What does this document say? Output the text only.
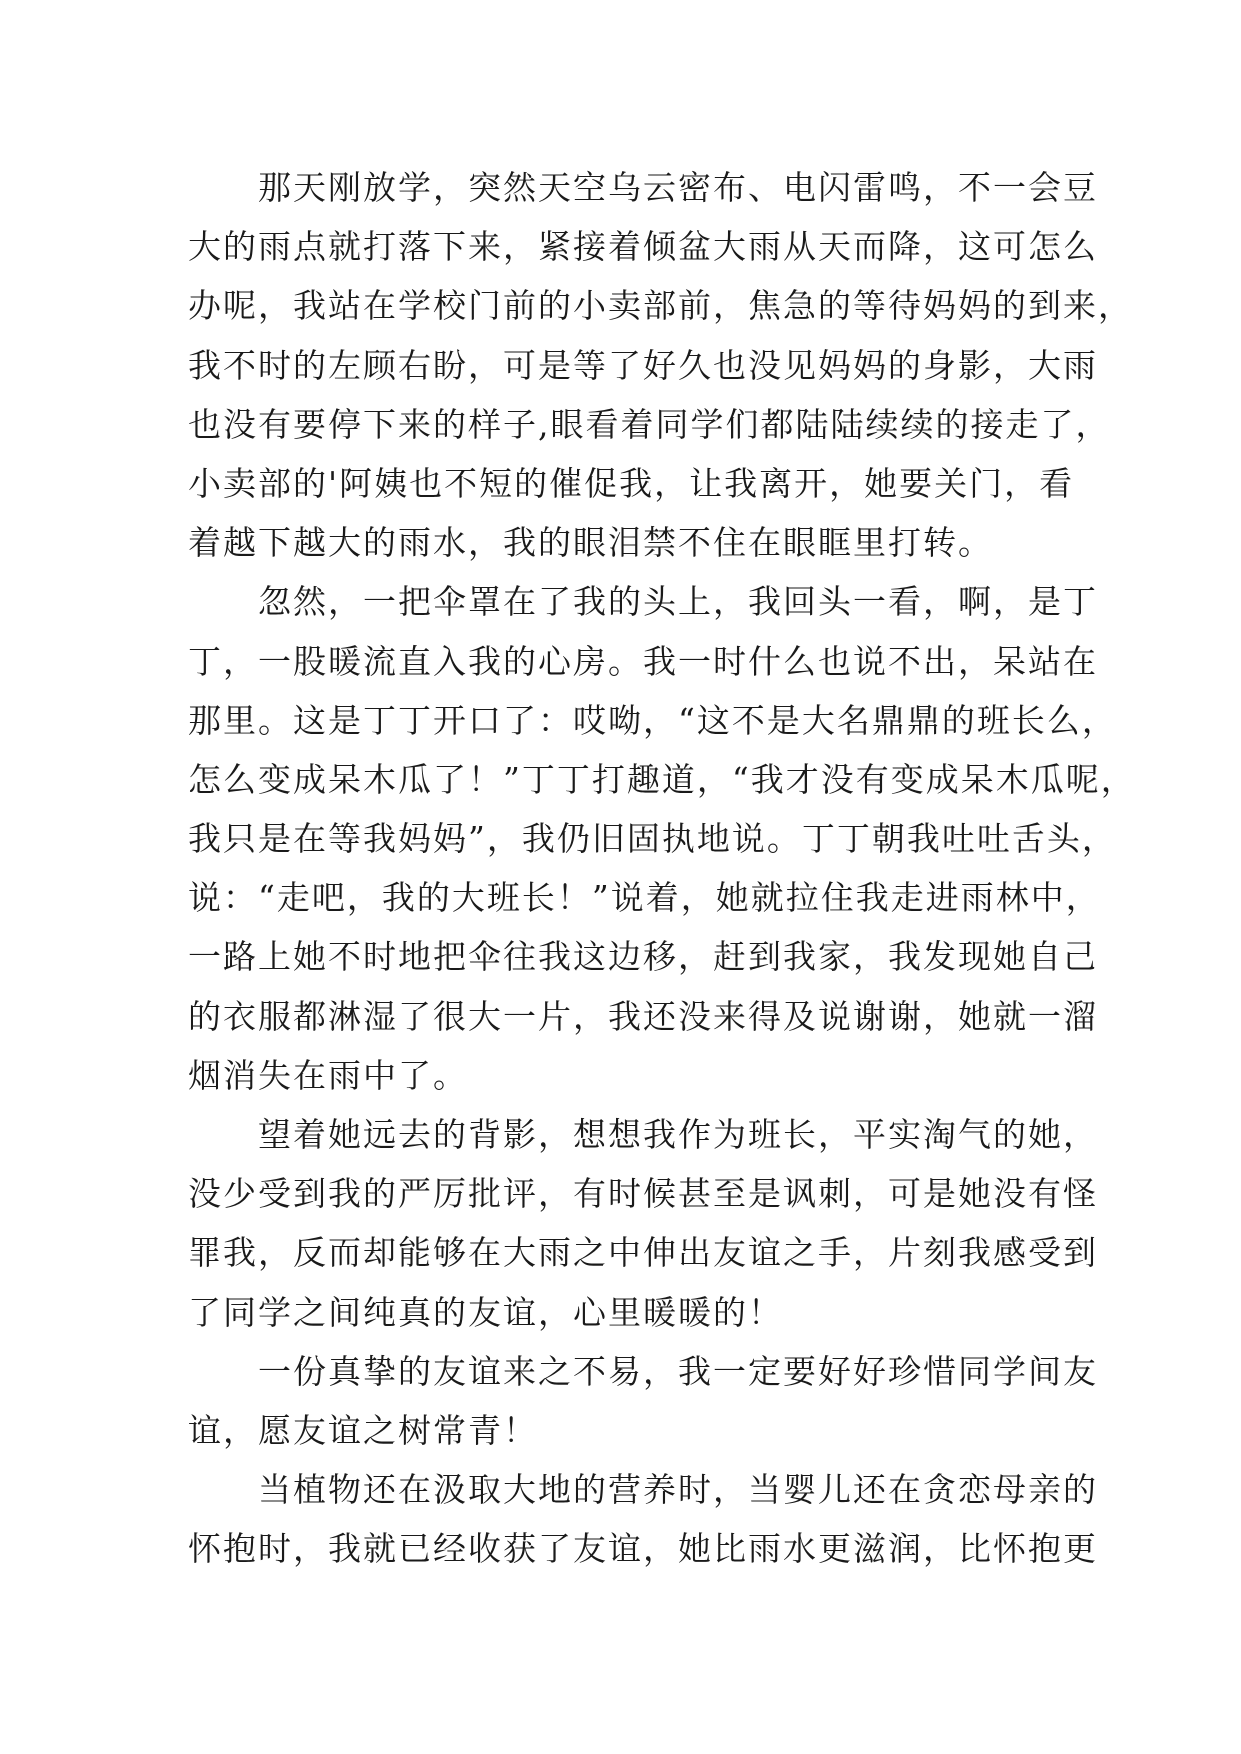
那天刚放学，突然天空乌云密布、电闪雷鸣，不一会豆
大的雨点就打落下来，紧接着倾盆大雨从天而降，这可怎么
办呢，我站在学校门前的小卖部前，焦急的等待妈妈的到来，
我不时的左顾右盼，可是等了好久也没见妈妈的身影，大雨
也没有要停下来的样子,眼看着同学们都陆陆续续的接走了，
小卖部的'阿姨也不短的催促我，让我离开，她要关门，看
着越下越大的雨水，我的眼泪禁不住在眼眶里打转。
忽然，一把伞罩在了我的头上，我回头一看，啊，是丁
丁，一股暖流直入我的心房。我一时什么也说不出，呆站在
那里。这是丁丁开口了：哎呦，“这不是大名鼎鼎的班长么，
怎么变成呆木瓜了！”丁丁打趣道，“我才没有变成呆木瓜呢，
我只是在等我妈妈”，我仍旧固执地说。丁丁朝我吐吐舌头，
说：“走吧，我的大班长！”说着，她就拉住我走进雨林中，
一路上她不时地把伞往我这边移，赶到我家，我发现她自己
的衣服都淋湿了很大一片，我还没来得及说谢谢，她就一溜
烟消失在雨中了。
望着她远去的背影，想想我作为班长，平实淘气的她，
没少受到我的严厉批评，有时候甚至是讽刺，可是她没有怪
罪我，反而却能够在大雨之中伸出友谊之手，片刻我感受到
了同学之间纯真的友谊，心里暖暖的！
一份真挚的友谊来之不易，我一定要好好珍惜同学间友
谊，愿友谊之树常青！
当植物还在汲取大地的营养时，当婴儿还在贪恋母亲的
怀抱时，我就已经收获了友谊，她比雨水更滋润，比怀抱更
